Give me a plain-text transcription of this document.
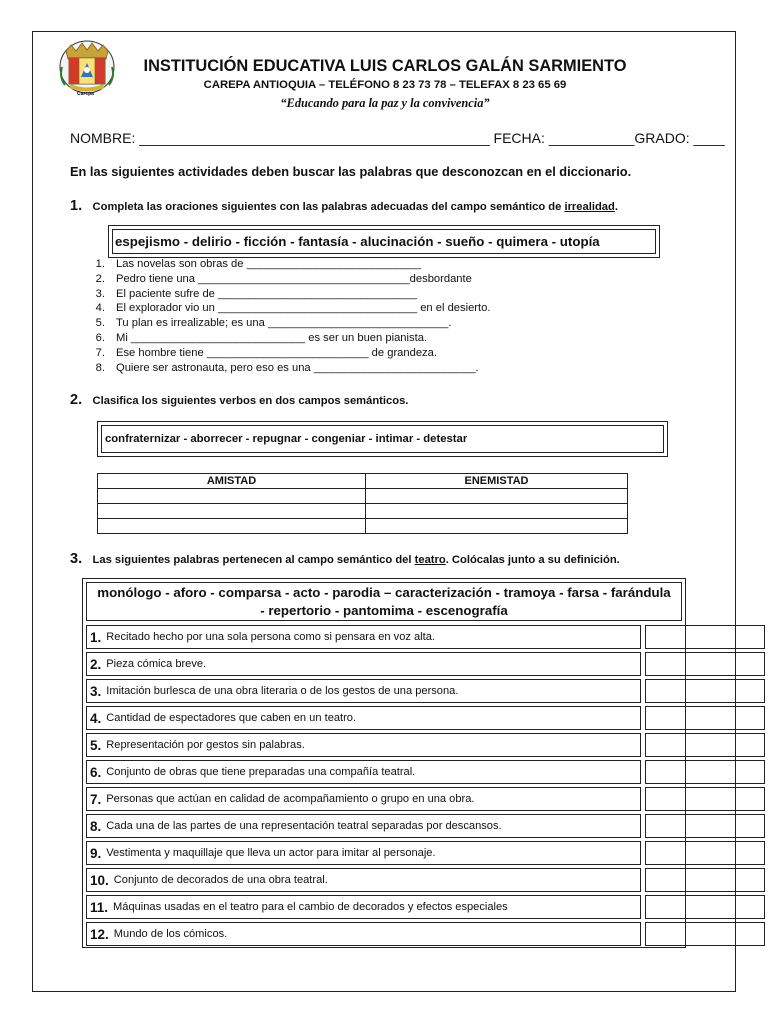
Carepa
INSTITUCIÓN EDUCATIVA LUIS CARLOS GALÁN SARMIENTO
CAREPA ANTIOQUIA – TELÉFONO 8 23 73 78 – TELEFAX 8 23 65 69
“Educando para la paz y la convivencia”
NOMBRE: _____________________________________________ FECHA: ___________GRADO: ____
En las siguientes actividades deben buscar las palabras que desconozcan en el diccionario.
1. Completa las oraciones siguientes con las palabras adecuadas del campo semántico de irrealidad.
espejismo - delirio - ficción - fantasía - alucinación - sueño - quimera - utopía
1. Las novelas son obras de ____________________________
2. Pedro tiene una __________________________________desbordante
3. El paciente sufre de ________________________________
4. El explorador vio un ________________________________ en el desierto.
5. Tu plan es irrealizable; es una _____________________________.
6. Mi ____________________________ es ser un buen pianista.
7. Ese hombre tiene __________________________ de grandeza.
8. Quiere ser astronauta, pero eso es una __________________________.
2. Clasifica los siguientes verbos en dos campos semánticos.
confraternizar - aborrecer - repugnar - congeniar - intimar - detestar
AMISTAD	ENEMISTAD

3. Las siguientes palabras pertenecen al campo semántico del teatro. Colócalas junto a su definición.
monólogo - aforo - comparsa - acto - parodia – caracterización - tramoya - farsa - farándula
- repertorio - pantomima - escenografía
1. Recitado hecho por una sola persona como si pensara en voz alta.
2. Pieza cómica breve.
3. Imitación burlesca de una obra literaria o de los gestos de una persona.
4. Cantidad de espectadores que caben en un teatro.
5. Representación por gestos sin palabras.
6. Conjunto de obras que tiene preparadas una compañía teatral.
7. Personas que actúan en calidad de acompañamiento o grupo en una obra.
8. Cada una de las partes de una representación teatral separadas por descansos.
9. Vestimenta y maquillaje que lleva un actor para imitar al personaje.
10. Conjunto de decorados de una obra teatral.
11. Máquinas usadas en el teatro para el cambio de decorados y efectos especiales
12. Mundo de los cómicos.
